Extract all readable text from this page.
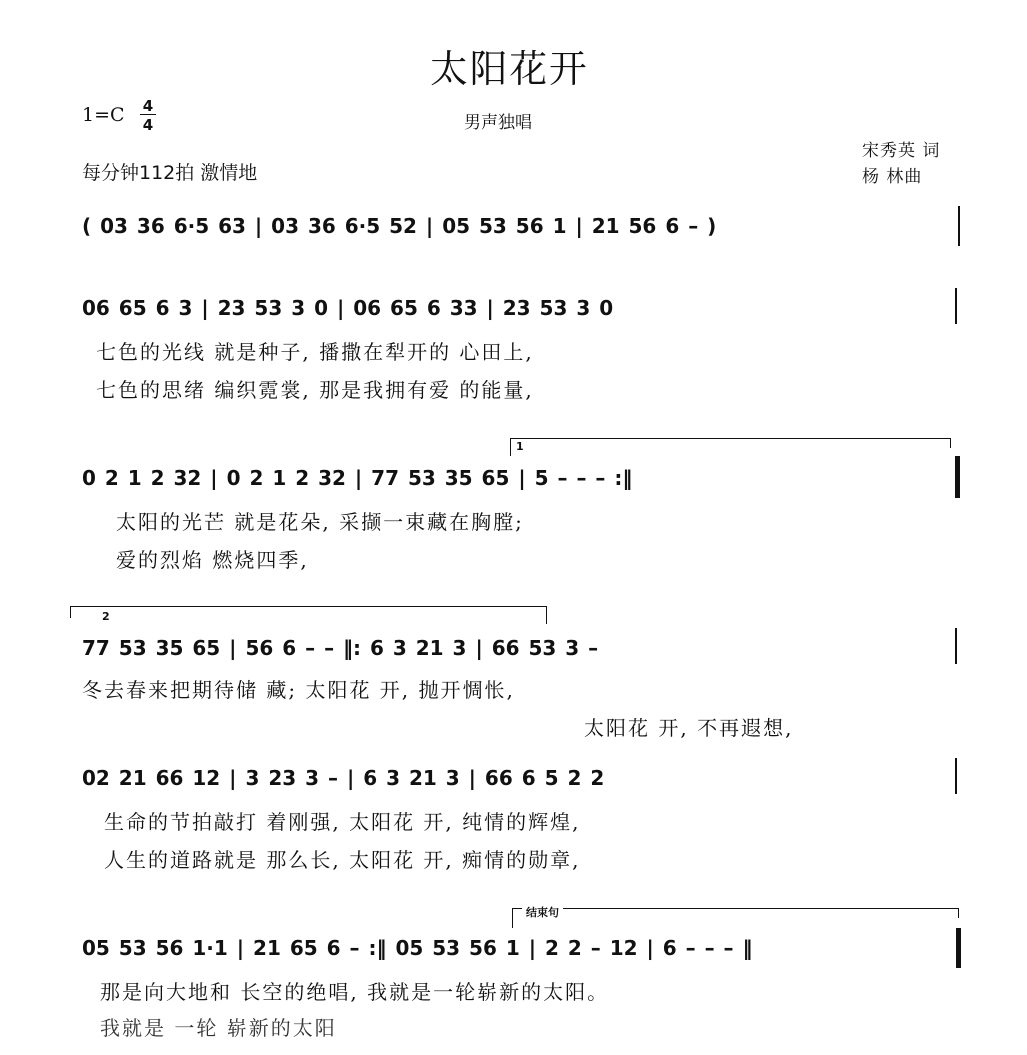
太阳花开
1=C 4
4	男声独唱
每分钟112拍 激情地
宋秀英 词
杨 林曲
( 03 36 6·5 63 | 03 36 6·5 52 | 05 53 56 1 | 21 56 6 – )
06 65 6 3 | 23 53 3 0 | 06 65 6 33 | 23 53 3 0
七色的光线 就是种子, 播撒在犁开的 心田上,
七色的思绪 编织霓裳, 那是我拥有爱 的能量,
1
0 2 1 2 32 | 0 2 1 2 32 | 77 53 35 65 | 5 – – – :‖
太阳的光芒 就是花朵, 采撷一束藏在胸膛;
爱的烈焰 燃烧四季,
2
77 53 35 65 | 56 6 – – ‖: 6 3 21 3 | 66 53 3 –
冬去春来把期待储 藏; 太阳花 开, 抛开惆怅,
太阳花 开, 不再遐想,
02 21 66 12 | 3 23 3 – | 6 3 21 3 | 66 6 5 2 2
生命的节拍敲打 着刚强, 太阳花 开, 纯情的辉煌,
人生的道路就是 那么长, 太阳花 开, 痴情的勋章,
结束句
05 53 56 1·1 | 21 65 6 – :‖ 05 53 56 1 | 2 2 – 12 | 6 – – – ‖
那是向大地和 长空的绝唱, 我就是一轮崭新的太阳。
我就是 一轮 崭新的太阳
